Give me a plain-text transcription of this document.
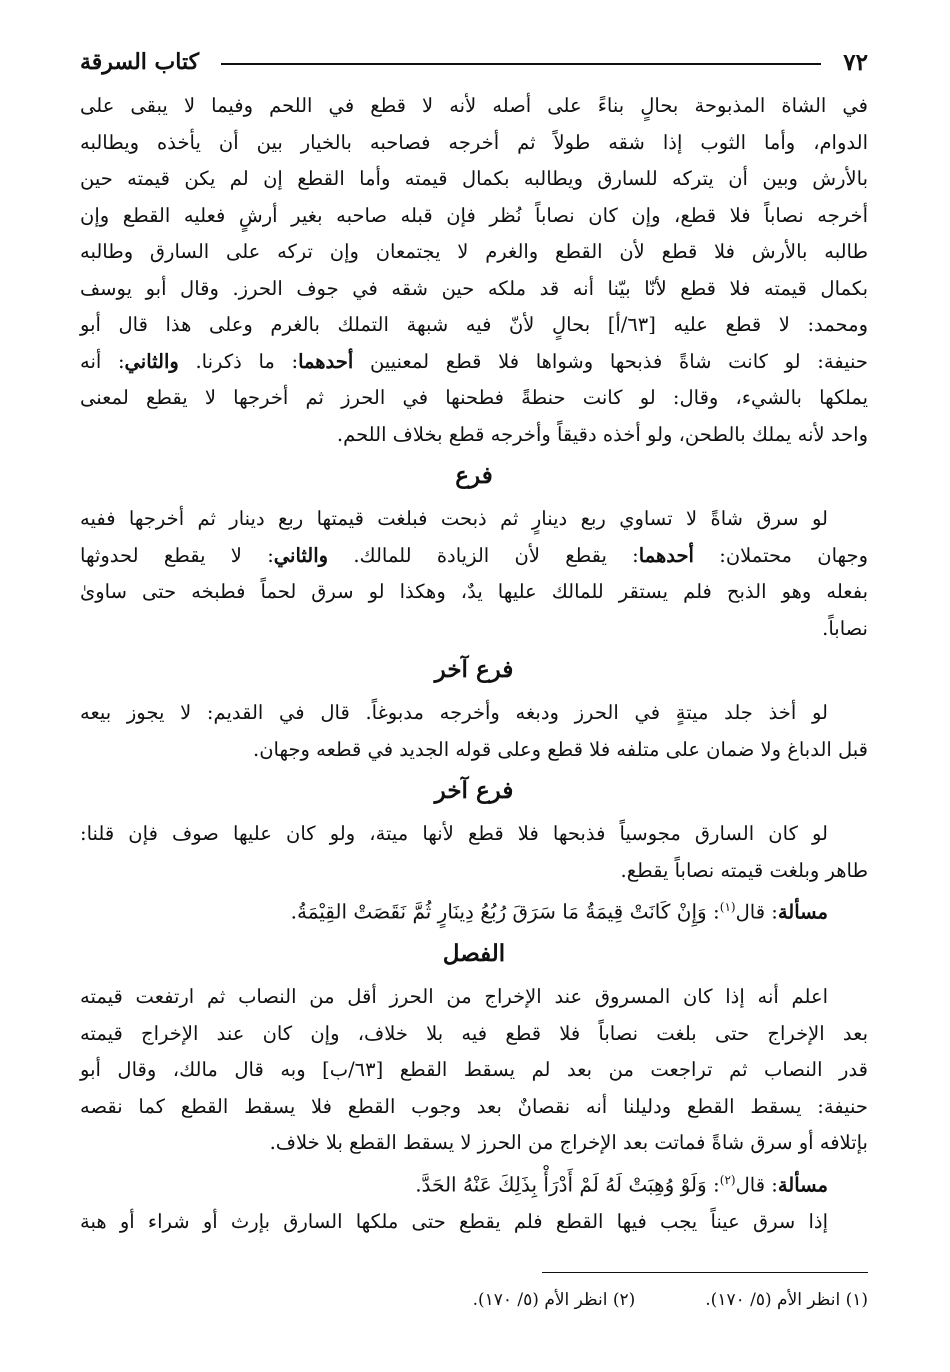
٧٢
كتاب السرقة

في الشاة المذبوحة بحالٍ بناءً على أصله لأنه لا قطع في اللحم وفيما لا يبقى على

الدوام، وأما الثوب إذا شقه طولاً ثم أخرجه فصاحبه بالخيار بين أن يأخذه ويطالبه

بالأرش وبين أن يتركه للسارق ويطالبه بكمال قيمته وأما القطع إن لم يكن قيمته حين

أخرجه نصاباً فلا قطع، وإن كان نصاباً نُظر فإن قبله صاحبه بغير أرشٍ فعليه القطع وإن

طالبه بالأرش فلا قطع لأن القطع والغرم لا يجتمعان وإن تركه على السارق وطالبه

بكمال قيمته فلا قطع لأنّا بيّنا أنه قد ملكه حين شقه في جوف الحرز. وقال أبو يوسف

ومحمد: لا قطع عليه [٦٣/أ] بحالٍ لأنّ فيه شبهة التملك بالغرم وعلى هذا قال أبو

حنيفة: لو كانت شاةً فذبحها وشواها فلا قطع لمعنيين أحدهما: ما ذكرنا. والثاني: أنه

يملكها بالشيء، وقال: لو كانت حنطةً فطحنها في الحرز ثم أخرجها لا يقطع لمعنى

واحد لأنه يملك بالطحن، ولو أخذه دقيقاً وأخرجه قطع بخلاف اللحم.

فرع

لو سرق شاةً لا تساوي ربع دينارٍ ثم ذبحت فبلغت قيمتها ربع دينار ثم أخرجها ففيه

وجهان محتملان: أحدهما: يقطع لأن الزيادة للمالك. والثاني: لا يقطع لحدوثها

بفعله وهو الذبح فلم يستقر للمالك عليها يدٌ، وهكذا لو سرق لحماً فطبخه حتى ساوىٰ

نصاباً.

فرع آخر

لو أخذ جلد ميتةٍ في الحرز ودبغه وأخرجه مدبوغاً. قال في القديم: لا يجوز بيعه

قبل الدباغ ولا ضمان على متلفه فلا قطع وعلى قوله الجديد في قطعه وجهان.

فرع آخر

لو كان السارق مجوسياً فذبحها فلا قطع لأنها ميتة، ولو كان عليها صوف فإن قلنا:

طاهر وبلغت قيمته نصاباً يقطع.

مسألة: قال$^{(١)}$: وَإِنْ كَانَتْ قِيمَةُ مَا سَرَقَ رُبُعُ دِينَارٍ ثُمَّ نَقَصَتْ القِيْمَةُ.

الفصل

اعلم أنه إذا كان المسروق عند الإخراج من الحرز أقل من النصاب ثم ارتفعت قيمته

بعد الإخراج حتى بلغت نصاباً فلا قطع فيه بلا خلاف، وإن كان عند الإخراج قيمته

قدر النصاب ثم تراجعت من بعد لم يسقط القطع [٦٣/ب] وبه قال مالك، وقال أبو

حنيفة: يسقط القطع ودليلنا أنه نقصانٌ بعد وجوب القطع فلا يسقط القطع كما نقصه

بإتلافه أو سرق شاةً فماتت بعد الإخراج من الحرز لا يسقط القطع بلا خلاف.

مسألة: قال$^{(٢)}$: وَلَوْ وُهِبَتْ لَهُ لَمْ أَدْرَأْ بِذَلِكَ عَنْهُ الحَدَّ.

إذا سرق عيناً يجب فيها القطع فلم يقطع حتى ملكها السارق بإرث أو شراء أو هبة

(١) انظر الأم (٥/ ١٧٠).
(٢) انظر الأم (٥/ ١٧٠).
